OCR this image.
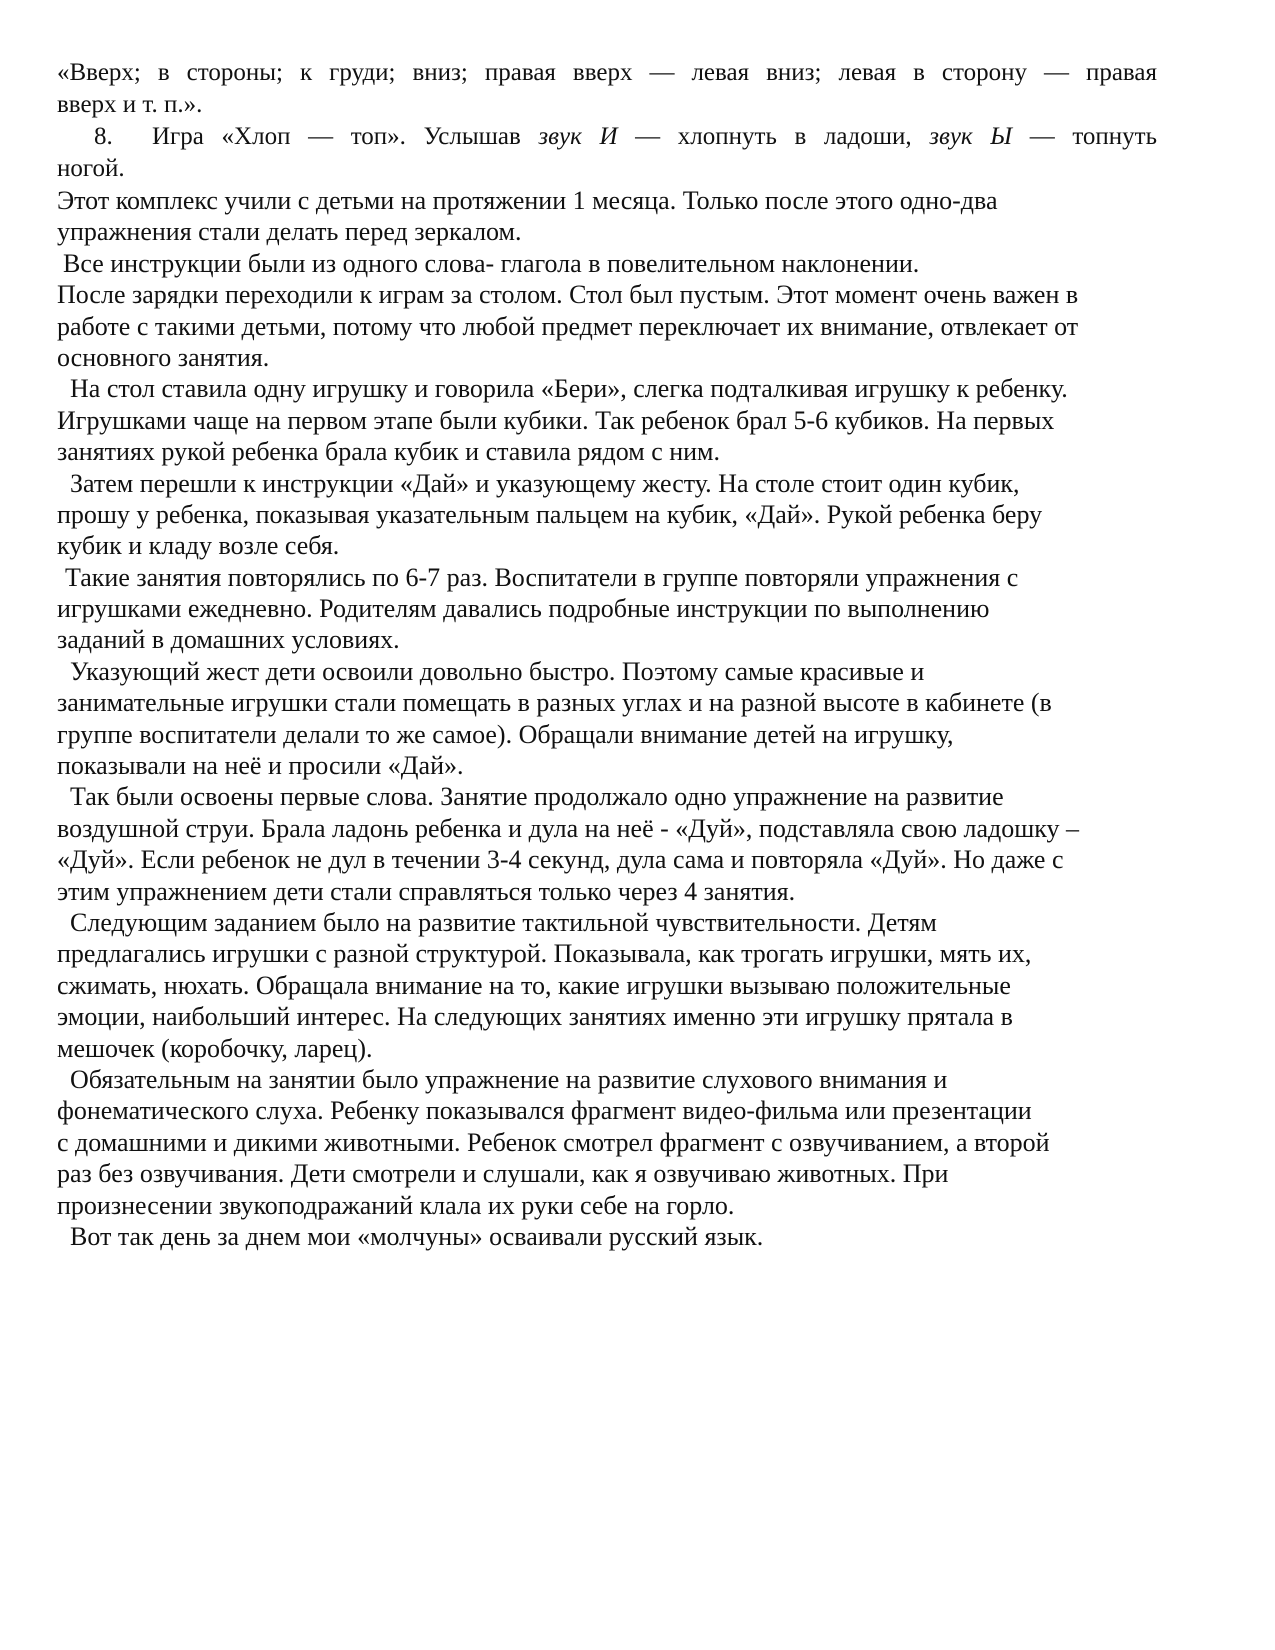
«Вверх; в стороны; к груди; вниз; правая вверх — левая вниз; левая в сторону — правая
вверх и т. п.».
8. Игра «Хлоп — топ». Услышав звук И — хлопнуть в ладоши, звук Ы — топнуть
ногой.
Этот комплекс учили с детьми на протяжении 1 месяца. Только после этого одно-два
упражнения стали делать перед зеркалом.
Все инструкции были из одного слова- глагола в повелительном наклонении.
После зарядки переходили к играм за столом. Стол был пустым. Этот момент очень важен в
работе с такими детьми, потому что любой предмет переключает их внимание, отвлекает от
основного занятия.
На стол ставила одну игрушку и говорила «Бери», слегка подталкивая игрушку к ребенку.
Игрушками чаще на первом этапе были кубики. Так ребенок брал 5-6 кубиков. На первых
занятиях рукой ребенка брала кубик и ставила рядом с ним.
Затем перешли к инструкции «Дай» и указующему жесту. На столе стоит один кубик,
прошу у ребенка, показывая указательным пальцем на кубик, «Дай». Рукой ребенка беру
кубик и кладу возле себя.
Такие занятия повторялись по 6-7 раз. Воспитатели в группе повторяли упражнения с
игрушками ежедневно. Родителям давались подробные инструкции по выполнению
заданий в домашних условиях.
Указующий жест дети освоили довольно быстро. Поэтому самые красивые и
занимательные игрушки стали помещать в разных углах и на разной высоте в кабинете (в
группе воспитатели делали то же самое). Обращали внимание детей на игрушку,
показывали на неё и просили «Дай».
Так были освоены первые слова. Занятие продолжало одно упражнение на развитие
воздушной струи. Брала ладонь ребенка и дула на неё - «Дуй», подставляла свою ладошку –
«Дуй». Если ребенок не дул в течении 3-4 секунд, дула сама и повторяла «Дуй». Но даже с
этим упражнением дети стали справляться только через 4 занятия.
Следующим заданием было на развитие тактильной чувствительности. Детям
предлагались игрушки с разной структурой. Показывала, как трогать игрушки, мять их,
сжимать, нюхать. Обращала внимание на то, какие игрушки вызываю положительные
эмоции, наибольший интерес. На следующих занятиях именно эти игрушку прятала в
мешочек (коробочку, ларец).
Обязательным на занятии было упражнение на развитие слухового внимания и
фонематического слуха. Ребенку показывался фрагмент видео-фильма или презентации
с домашними и дикими животными. Ребенок смотрел фрагмент с озвучиванием, а второй
раз без озвучивания. Дети смотрели и слушали, как я озвучиваю животных. При
произнесении звукоподражаний клала их руки себе на горло.
Вот так день за днем мои «молчуны» осваивали русский язык.
